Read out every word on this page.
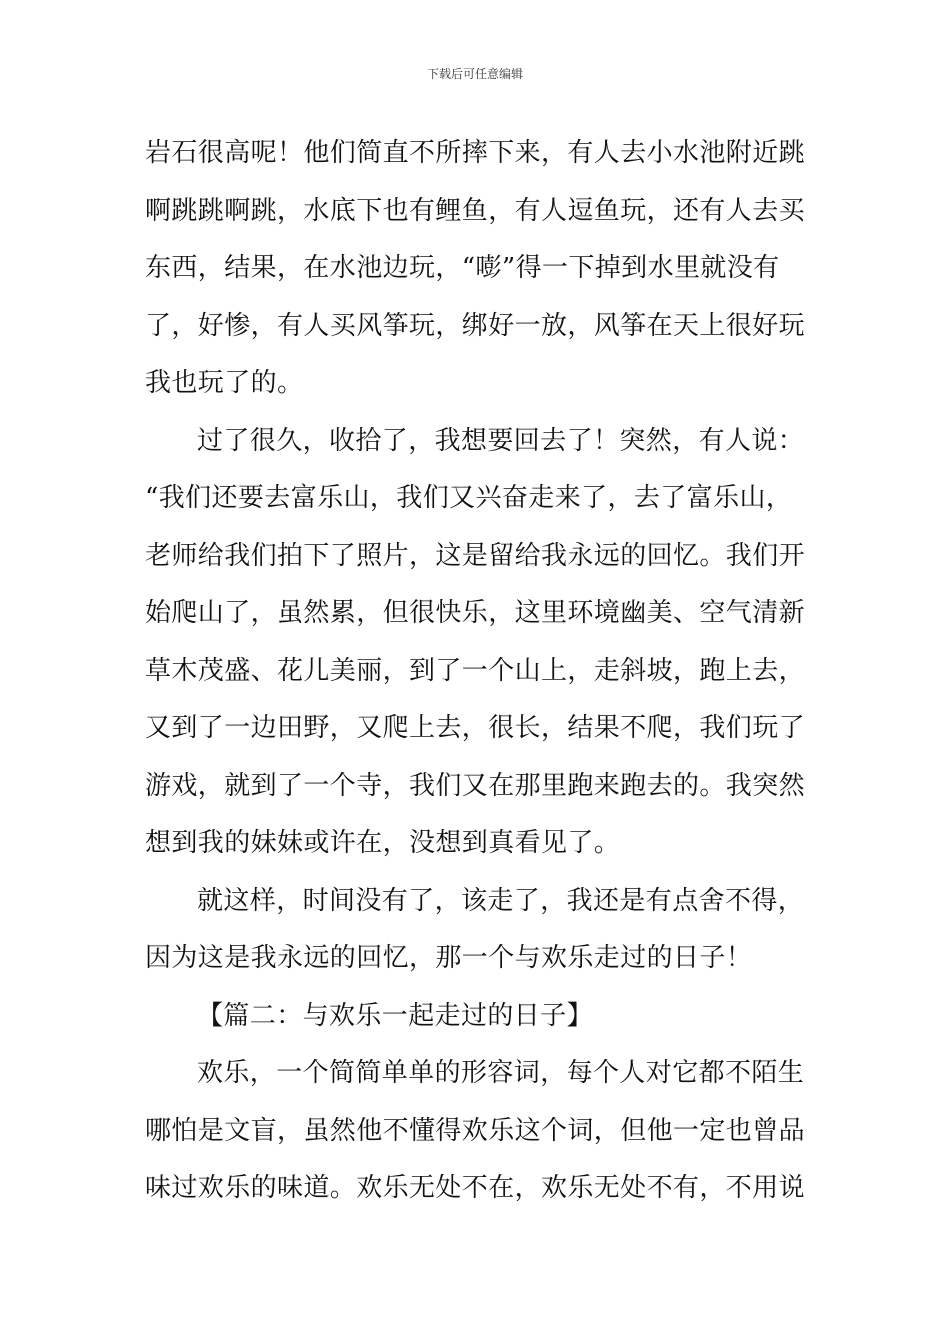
下载后可任意编辑
岩石很高呢！他们简直不所摔下来，有人去小水池附近跳
啊跳跳啊跳，水底下也有鲤鱼，有人逗鱼玩，还有人去买
东西，结果，在水池边玩，“嘭”得一下掉到水里就没有
了，好惨，有人买风筝玩，绑好一放，风筝在天上很好玩
我也玩了的。
过了很久，收拾了，我想要回去了！突然，有人说：
“我们还要去富乐山，我们又兴奋走来了，去了富乐山，
老师给我们拍下了照片，这是留给我永远的回忆。我们开
始爬山了，虽然累，但很快乐，这里环境幽美、空气清新
草木茂盛、花儿美丽，到了一个山上，走斜坡，跑上去，
又到了一边田野，又爬上去，很长，结果不爬，我们玩了
游戏，就到了一个寺，我们又在那里跑来跑去的。我突然
想到我的妹妹或许在，没想到真看见了。
就这样，时间没有了，该走了，我还是有点舍不得，
因为这是我永远的回忆，那一个与欢乐走过的日子！
【篇二：与欢乐一起走过的日子】
欢乐，一个简简单单的形容词，每个人对它都不陌生
哪怕是文盲，虽然他不懂得欢乐这个词，但他一定也曾品
味过欢乐的味道。欢乐无处不在，欢乐无处不有，不用说
